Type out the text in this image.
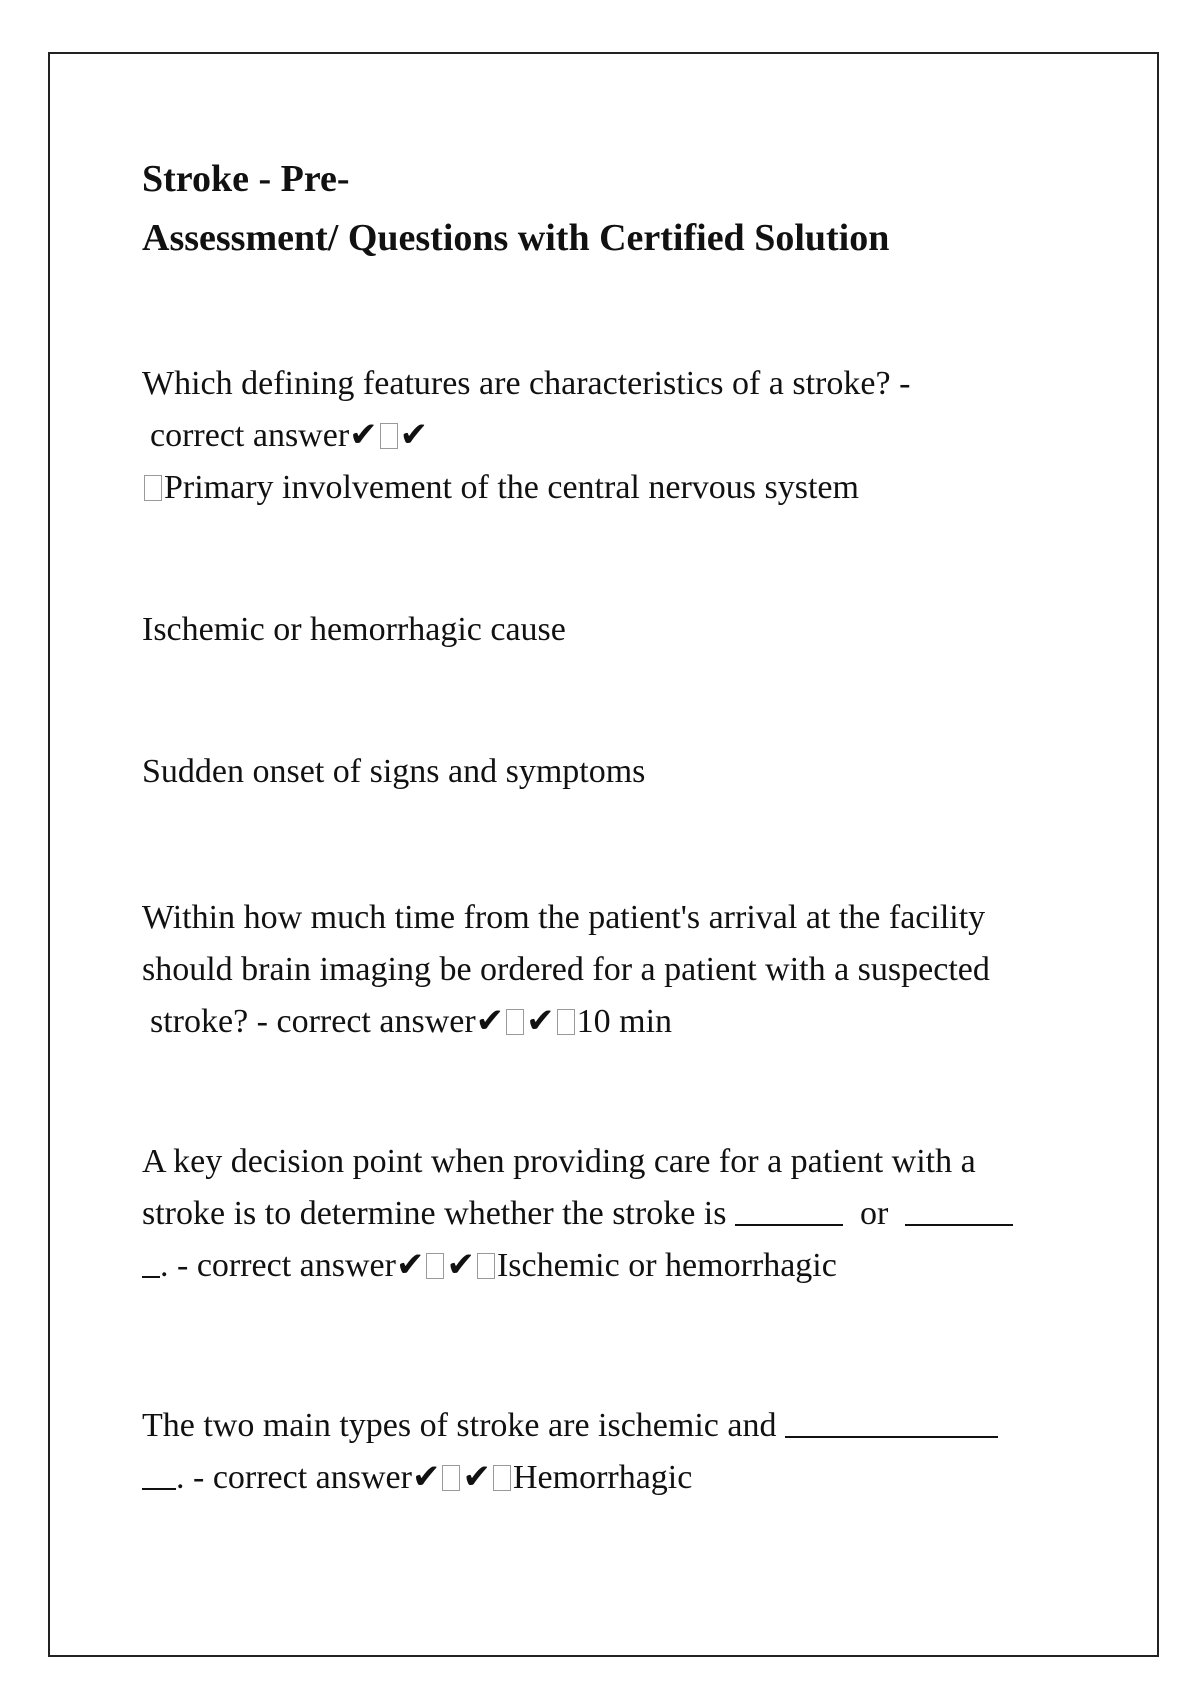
Stroke - Pre-
Assessment/ Questions with Certified Solution

Which defining features are characteristics of a stroke? -
correct answer✔ ✔
Primary involvement of the central nervous system

Ischemic or hemorrhagic cause

Sudden onset of signs and symptoms

Within how much time from the patient's arrival at the facility
should brain imaging be ordered for a patient with a suspected
stroke? - correct answer✔ ✔ 10 min

A key decision point when providing care for a patient with a
stroke is to determine whether the stroke is	or
. - correct answer✔ ✔ Ischemic or hemorrhagic

The two main types of stroke are ischemic and
. - correct answer✔ ✔ Hemorrhagic
